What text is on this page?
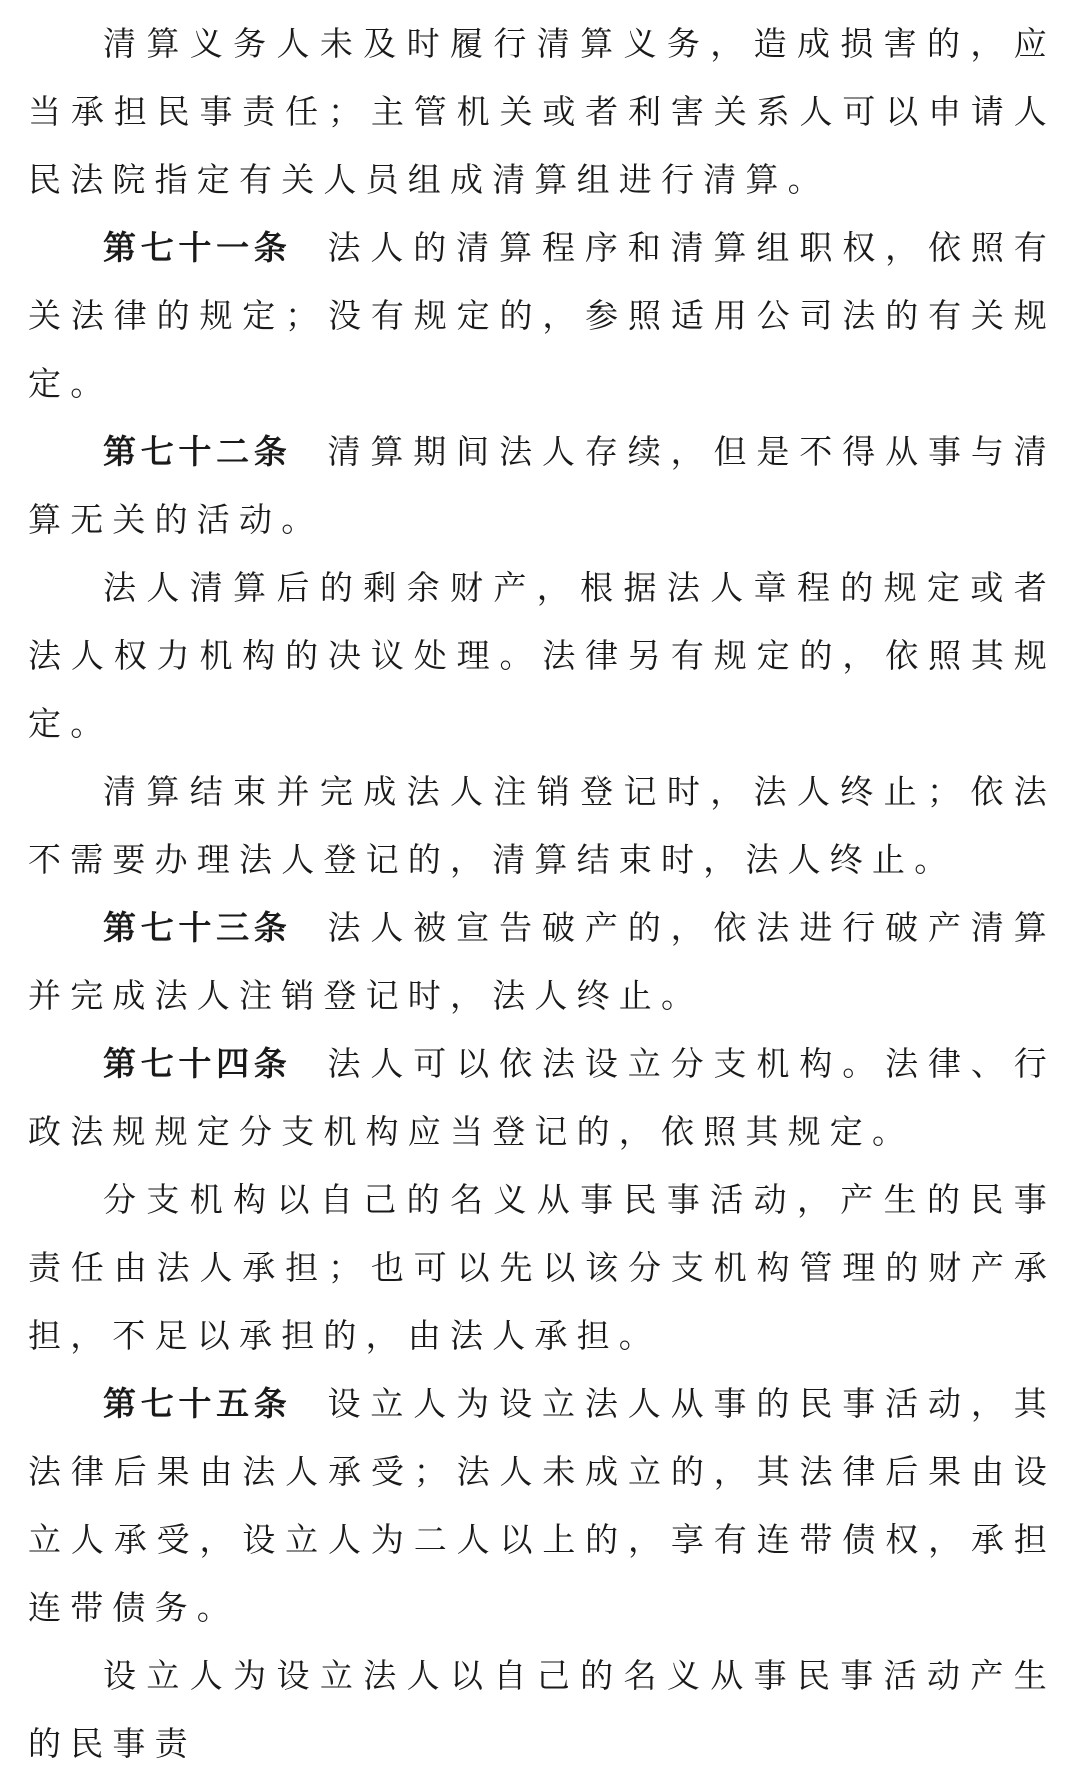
清算义务人未及时履行清算义务，造成损害的，应当承担民事责任；主管机关或者利害关系人可以申请人民法院指定有关人员组成清算组进行清算。

第七十一条 法人的清算程序和清算组职权，依照有关法律的规定；没有规定的，参照适用公司法的有关规定。

第七十二条 清算期间法人存续，但是不得从事与清算无关的活动。

法人清算后的剩余财产，根据法人章程的规定或者法人权力机构的决议处理。法律另有规定的，依照其规定。

清算结束并完成法人注销登记时，法人终止；依法不需要办理法人登记的，清算结束时，法人终止。

第七十三条 法人被宣告破产的，依法进行破产清算并完成法人注销登记时，法人终止。

第七十四条 法人可以依法设立分支机构。法律、行政法规规定分支机构应当登记的，依照其规定。

分支机构以自己的名义从事民事活动，产生的民事责任由法人承担；也可以先以该分支机构管理的财产承担，不足以承担的，由法人承担。

第七十五条 设立人为设立法人从事的民事活动，其法律后果由法人承受；法人未成立的，其法律后果由设立人承受，设立人为二人以上的，享有连带债权，承担连带债务。

设立人为设立法人以自己的名义从事民事活动产生的民事责
